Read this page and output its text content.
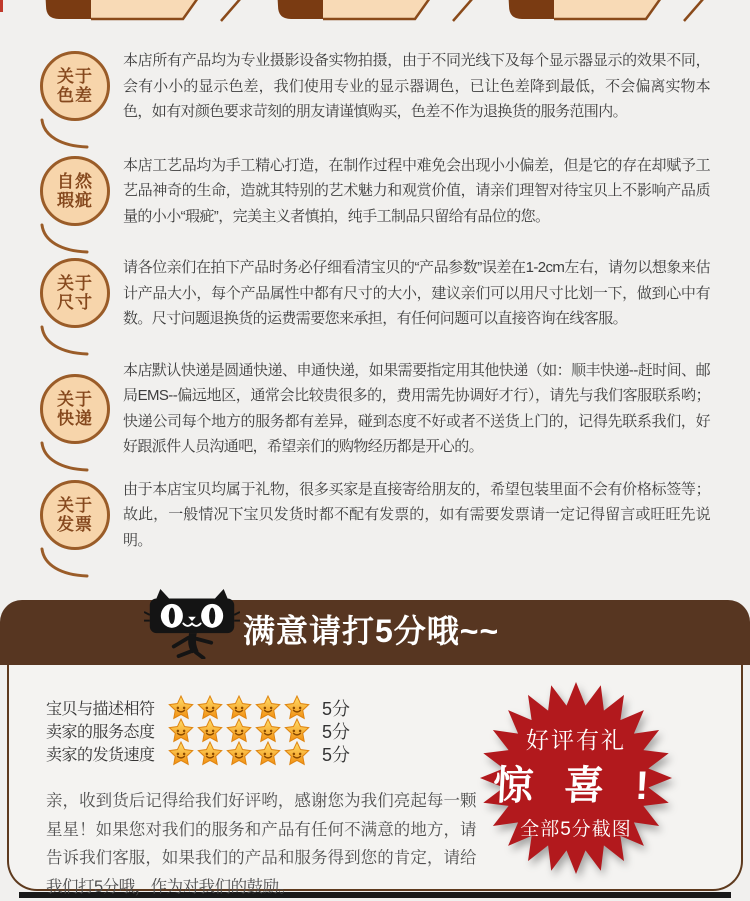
关于
色差
本店所有产品均为专业摄影设备实物拍摄，由于不同光线下及每个显示器显示的效果不同，会有小小的显示色差，我们使用专业的显示器调色，已让色差降到最低，不会偏离实物本色，如有对颜色要求苛刻的朋友请谨慎购买，色差不作为退换货的服务范围内。
自然
瑕疵
本店工艺品均为手工精心打造，在制作过程中难免会出现小小偏差，但是它的存在却赋予工艺品神奇的生命，造就其特别的艺术魅力和观赏价值，请亲们理智对待宝贝上不影响产品质量的小小“瑕疵”，完美主义者慎拍，纯手工制品只留给有品位的您。
关于
尺寸
请各位亲们在拍下产品时务必仔细看清宝贝的“产品参数”误差在1-2cm左右，请勿以想象来估计产品大小，每个产品属性中都有尺寸的大小，建议亲们可以用尺寸比划一下，做到心中有数。尺寸问题退换货的运费需要您来承担，有任何问题可以直接咨询在线客服。
关于
快递
本店默认快递是圆通快递、申通快递，如果需要指定用其他快递（如：顺丰快递--赶时间、邮局EMS--偏远地区，通常会比较贵很多的，费用需先协调好才行），请先与我们客服联系哟；快递公司每个地方的服务都有差异，碰到态度不好或者不送货上门的，记得先联系我们，好好跟派件人员沟通吧，希望亲们的购物经历都是开心的。
关于
发票
由于本店宝贝均属于礼物，很多买家是直接寄给朋友的，希望包装里面不会有价格标签等；故此，一般情况下宝贝发货时都不配有发票的，如有需要发票请一定记得留言或旺旺先说明。
满意请打5分哦~~
宝贝与描述相符	5分
卖家的服务态度	5分
卖家的发货速度	5分
亲，收到货后记得给我们好评哟，感谢您为我们亮起每一颗星星！如果您对我们的服务和产品有任何不满意的地方，请告诉我们客服，如果我们的产品和服务得到您的肯定，请给我们打5分哦，作为对我们的鼓励。
好评有礼
惊 喜 !
全部5分截图
